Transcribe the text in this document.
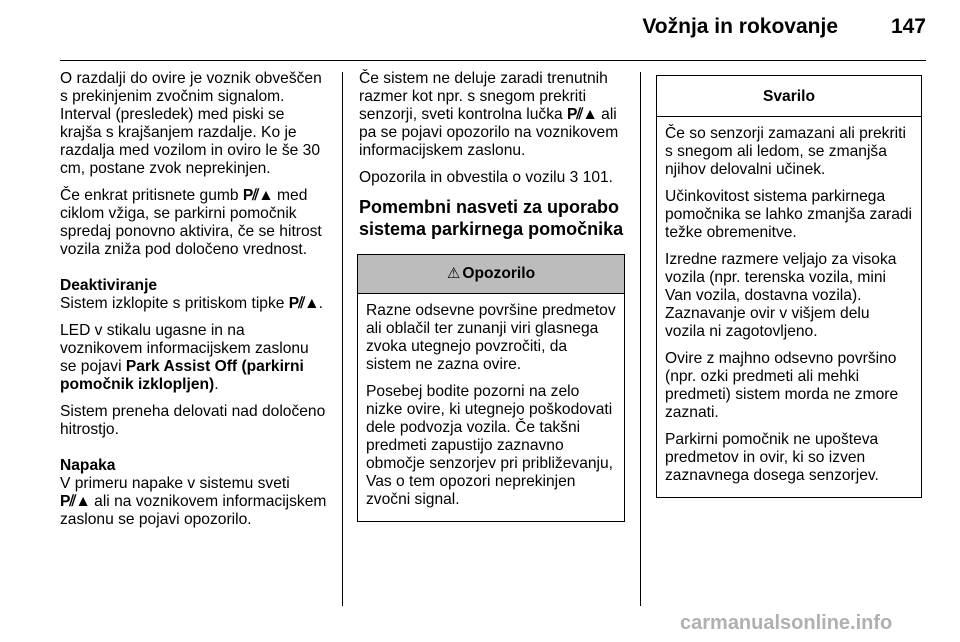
Vožnja in rokovanje	147

O razdalji do ovire je voznik obveščen s prekinjenim zvočnim signalom. Interval (presledek) med piski se krajša s krajšanjem razdalje. Ko je razdalja med vozilom in oviro le še 30 cm, postane zvok neprekinjen.

Če enkrat pritisnete gumb P⫽▲ med ciklom vžiga, se parkirni pomočnik spredaj ponovno aktivira, če se hitrost vozila zniža pod določeno vrednost.

Deaktiviranje

Sistem izklopite s pritiskom tipke P⫽▲.

LED v stikalu ugasne in na voznikovem informacijskem zaslonu se pojavi Park Assist Off (parkirni pomočnik izklopljen).

Sistem preneha delovati nad določeno hitrostjo.

Napaka

V primeru napake v sistemu sveti
P⫽▲ ali na voznikovem informacijskem zaslonu se pojavi opozorilo.

Če sistem ne deluje zaradi trenutnih razmer kot npr. s snegom prekriti senzorji, sveti kontrolna lučka P⫽▲ ali pa se pojavi opozorilo na voznikovem informacijskem zaslonu.

Opozorila in obvestila o vozilu 3 101.

Pomembni nasveti za uporabo sistema parkirnega pomočnika
⚠ Opozorilo

Razne odsevne površine predmetov ali oblačil ter zunanji viri glasnega zvoka utegnejo povzročiti, da sistem ne zazna ovire.

Posebej bodite pozorni na zelo nizke ovire, ki utegnejo poškodovati dele podvozja vozila. Če takšni predmeti zapustijo zaznavno območje senzorjev pri približevanju, Vas o tem opozori neprekinjen zvočni signal.

Svarilo

Če so senzorji zamazani ali prekriti s snegom ali ledom, se zmanjša njihov delovalni učinek.

Učinkovitost sistema parkirnega pomočnika se lahko zmanjša zaradi težke obremenitve.

Izredne razmere veljajo za visoka vozila (npr. terenska vozila, mini Van vozila, dostavna vozila). Zaznavanje ovir v višjem delu vozila ni zagotovljeno.

Ovire z majhno odsevno površino (npr. ozki predmeti ali mehki predmeti) sistem morda ne zmore zaznati.

Parkirni pomočnik ne upošteva predmetov in ovir, ki so izven zaznavnega dosega senzorjev.

carmanualsonline.info
